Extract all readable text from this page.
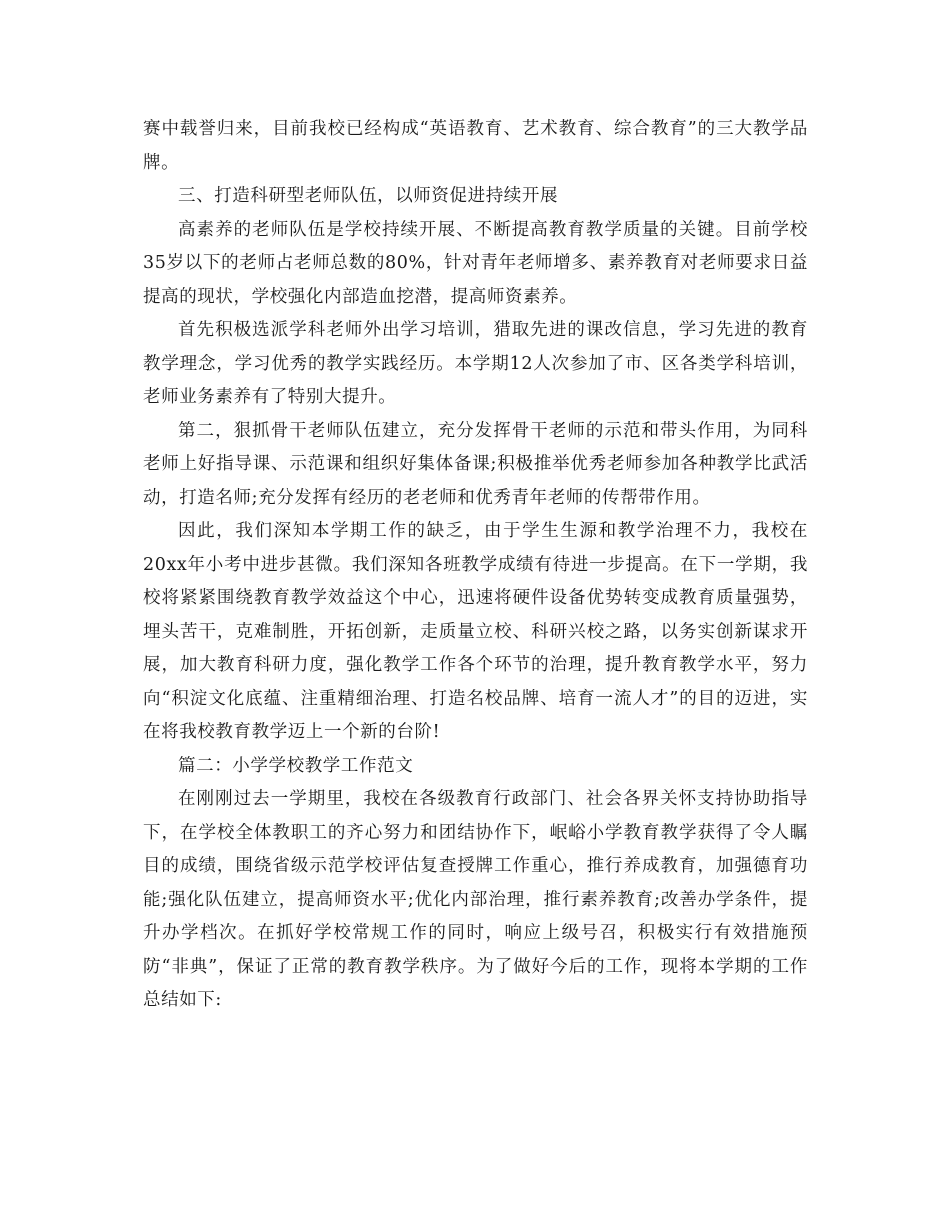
赛中载誉归来，目前我校已经构成“英语教育、艺术教育、综合教育”的三大教学品牌。

三、打造科研型老师队伍，以师资促进持续开展

高素养的老师队伍是学校持续开展、不断提高教育教学质量的关键。目前学校35岁以下的老师占老师总数的80%，针对青年老师增多、素养教育对老师要求日益提高的现状，学校强化内部造血挖潜，提高师资素养。

首先积极选派学科老师外出学习培训，猎取先进的课改信息，学习先进的教育教学理念，学习优秀的教学实践经历。本学期12人次参加了市、区各类学科培训，老师业务素养有了特别大提升。

第二，狠抓骨干老师队伍建立，充分发挥骨干老师的示范和带头作用，为同科老师上好指导课、示范课和组织好集体备课;积极推举优秀老师参加各种教学比武活动，打造名师;充分发挥有经历的老老师和优秀青年老师的传帮带作用。

因此，我们深知本学期工作的缺乏，由于学生生源和教学治理不力，我校在20xx年小考中进步甚微。我们深知各班教学成绩有待进一步提高。在下一学期，我校将紧紧围绕教育教学效益这个中心，迅速将硬件设备优势转变成教育质量强势，埋头苦干，克难制胜，开拓创新，走质量立校、科研兴校之路，以务实创新谋求开展，加大教育科研力度，强化教学工作各个环节的治理，提升教育教学水平，努力向“积淀文化底蕴、注重精细治理、打造名校品牌、培育一流人才”的目的迈进，实在将我校教育教学迈上一个新的台阶!

篇二：小学学校教学工作范文

在刚刚过去一学期里，我校在各级教育行政部门、社会各界关怀支持协助指导下，在学校全体教职工的齐心努力和团结协作下，岷峪小学教育教学获得了令人瞩目的成绩，围绕省级示范学校评估复查授牌工作重心，推行养成教育，加强德育功能;强化队伍建立，提高师资水平;优化内部治理，推行素养教育;改善办学条件，提升办学档次。在抓好学校常规工作的同时，响应上级号召，积极实行有效措施预防“非典”，保证了正常的教育教学秩序。为了做好今后的工作，现将本学期的工作总结如下:
